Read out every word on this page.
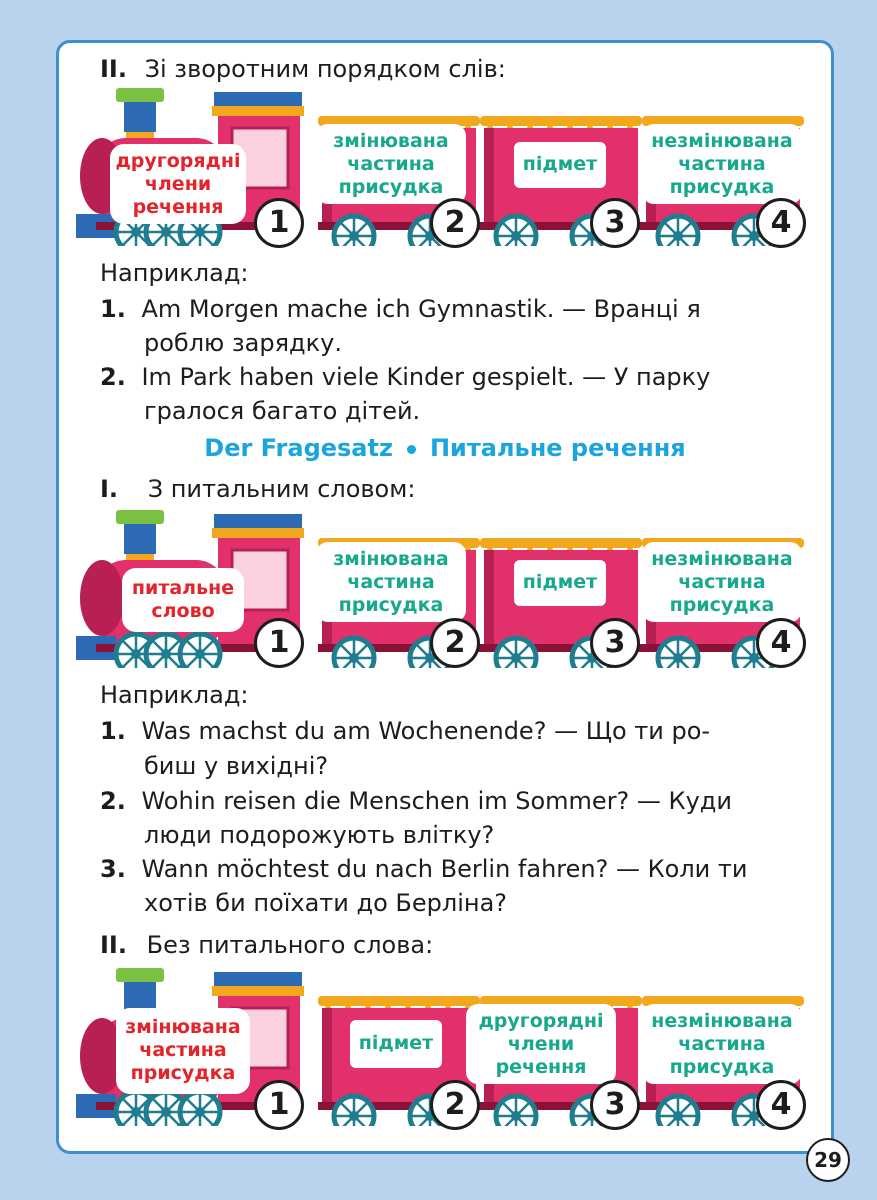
II. Зі зворотним порядком слів:
другорядні
члени
речення
змінювана
частина
присудка
підмет
незмінювана
частина
присудка
1	2	3	4
Наприклад:
1. Am Morgen mache ich Gymnastik. — Вранці я
роблю зарядку.
2. Im Park haben viele Kinder gespielt. — У парку
гралося багато дітей.
Der Fragesatz Питальне речення
I. З питальним словом:
питальне
слово
змінювана
частина
присудка
підмет
незмінювана
частина
присудка
1	2	3	4
Наприклад:
1. Was machst du am Wochenende? — Що ти ро-
биш у вихідні?
2. Wohin reisen die Menschen im Sommer? — Куди
люди подорожують влітку?
3. Wann möchtest du nach Berlin fahren? — Коли ти
хотів би поїхати до Берліна?
II. Без питального слова:
змінювана
частина
присудка
підмет
другорядні
члени
речення
незмінювана
частина
присудка
1	2	3	4
29
